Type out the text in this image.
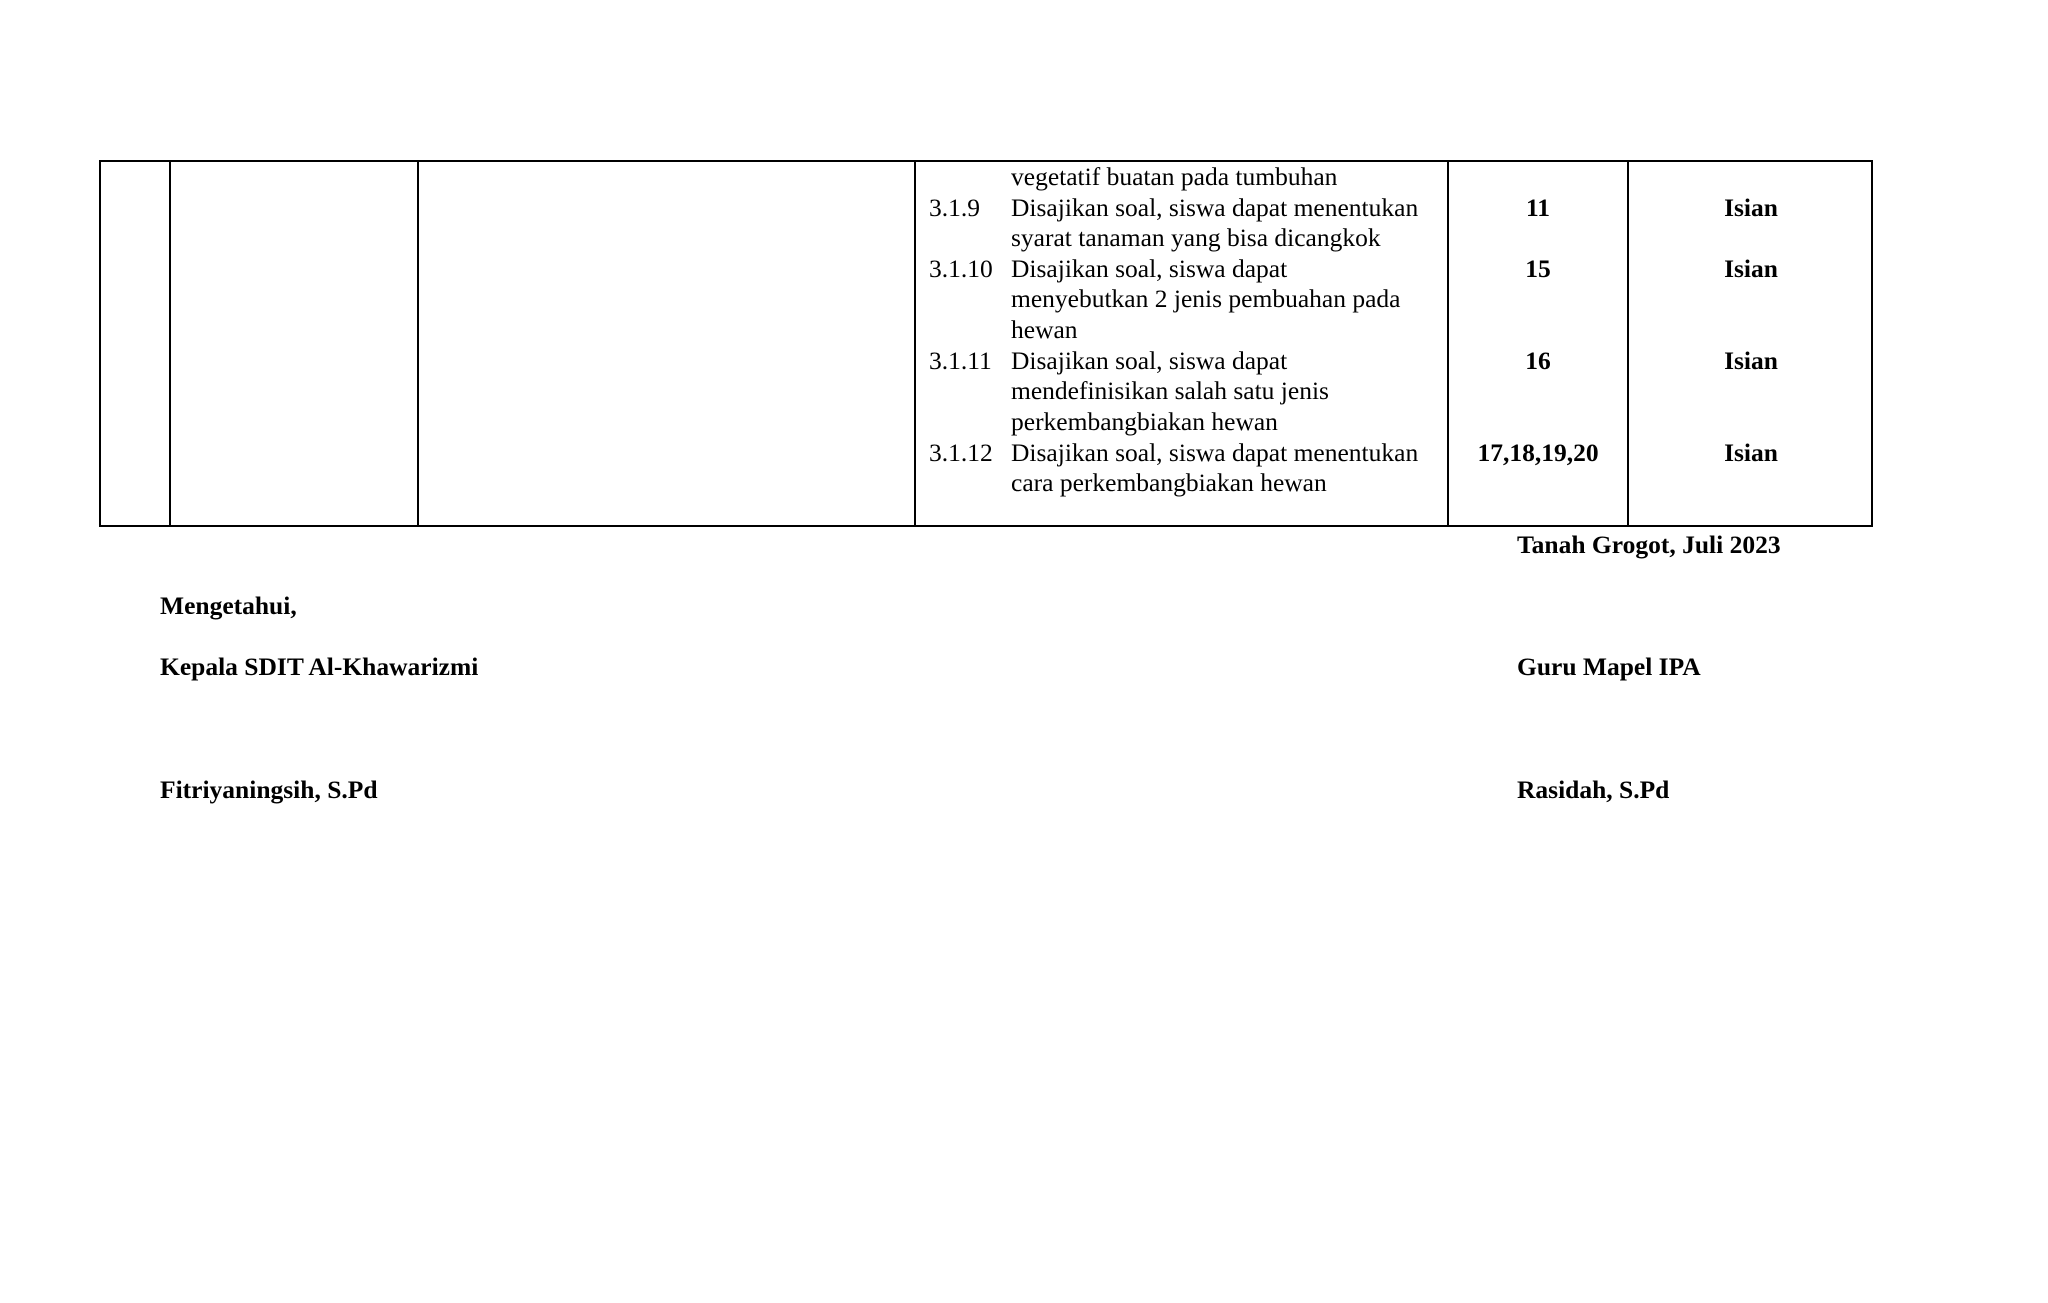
vegetatif buatan pada tumbuhan
3.1.9 Disajikan soal, siswa dapat menentukan
syarat tanaman yang bisa dicangkok
11	Isian
3.1.10 Disajikan soal, siswa dapat
menyebutkan 2 jenis pembuahan pada
hewan
15	Isian
3.1.11 Disajikan soal, siswa dapat
mendefinisikan salah satu jenis
perkembangbiakan hewan
16	Isian
3.1.12 Disajikan soal, siswa dapat menentukan
cara perkembangbiakan hewan
17,18,19,20	Isian
Tanah Grogot, Juli 2023
Mengetahui,
Kepala SDIT Al-Khawarizmi	Guru Mapel IPA
Fitriyaningsih, S.Pd	Rasidah, S.Pd
